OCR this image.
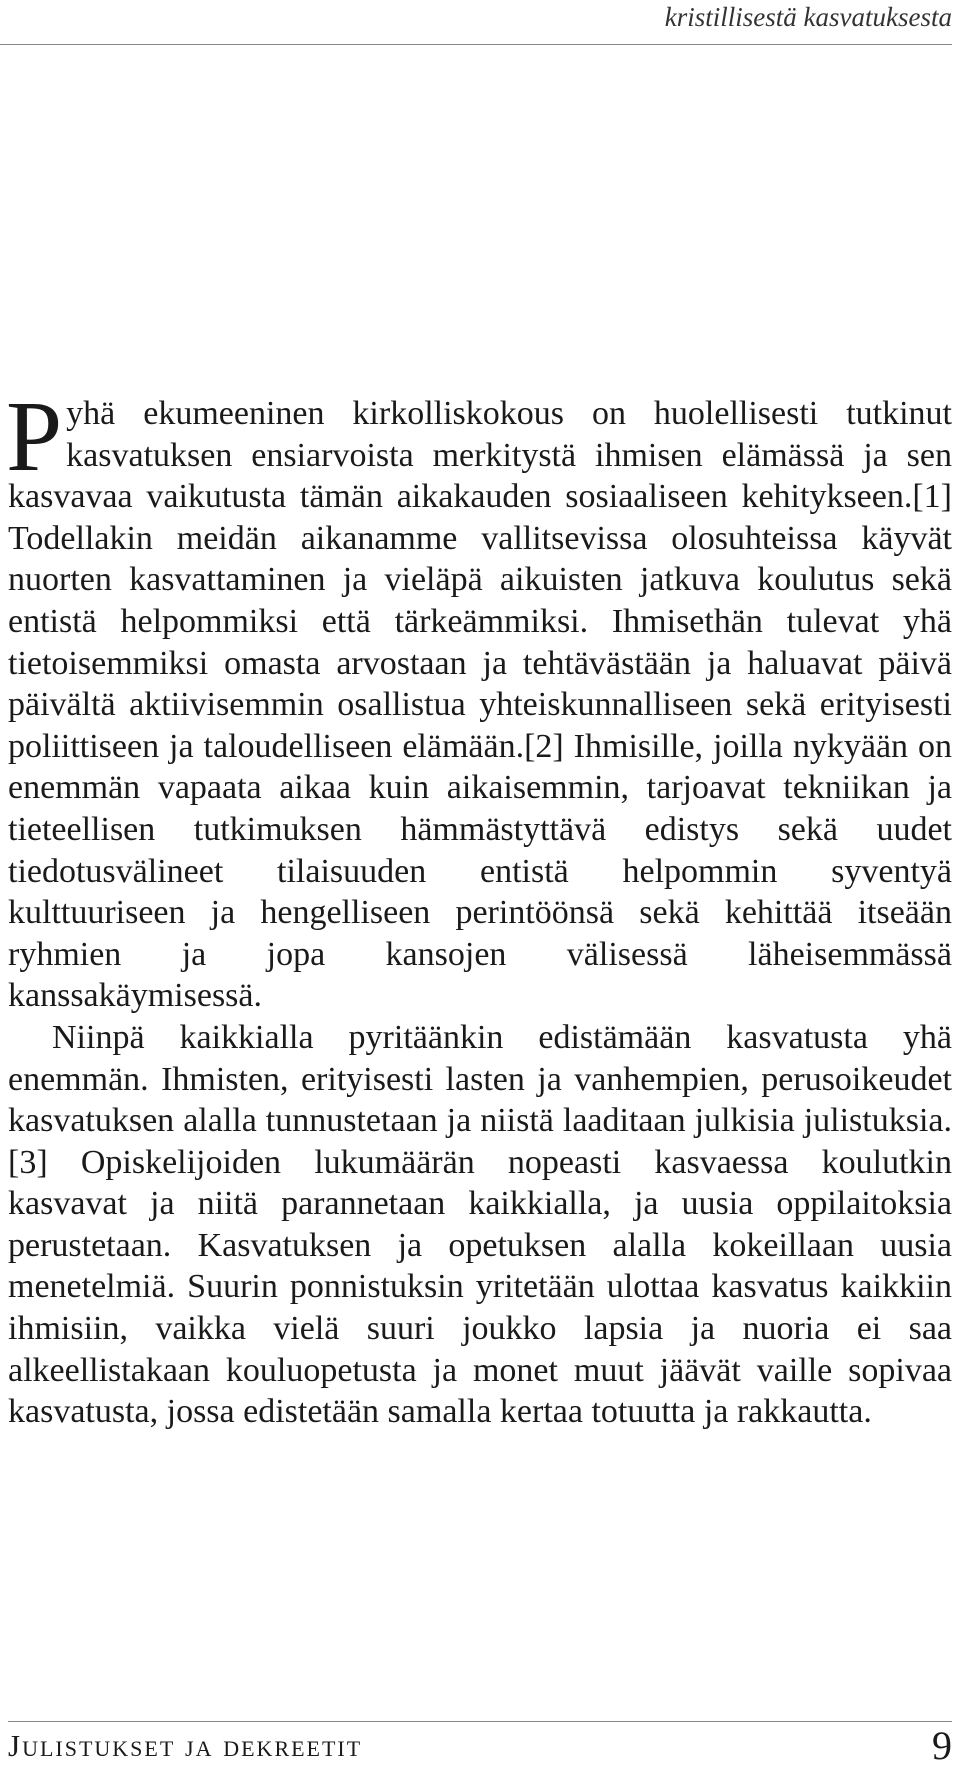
kristillisestä kasvatuksesta

Pyhä ekumeeninen kirkolliskokous on huolellisesti tutkinut kasvatuksen ensiarvoista merkitystä ihmisen elämässä ja sen kasvavaa vaikutusta tämän aikakauden sosiaaliseen kehitykseen.[1] Todellakin meidän aikanamme vallitsevissa olosuhteissa käyvät nuorten kasvattaminen ja vieläpä aikuisten jatkuva koulutus sekä entistä helpommiksi että tärkeämmiksi. Ihmisethän tulevat yhä tietoisemmiksi omasta arvostaan ja tehtävästään ja haluavat päivä päivältä aktiivisemmin osallistua yhteiskunnalliseen sekä erityisesti poliittiseen ja taloudelliseen elämään.[2] Ihmisille, joilla nykyään on enemmän vapaata aikaa kuin aikaisemmin, tarjoavat tekniikan ja tieteellisen tutkimuksen hämmästyttävä edistys sekä uudet tiedotusvälineet tilaisuuden entistä helpommin syventyä kulttuuriseen ja hengelliseen perintöönsä sekä kehittää itseään ryhmien ja jopa kansojen välisessä läheisemmässä kanssakäymisessä.

Niinpä kaikkialla pyritäänkin edistämään kasvatusta yhä enemmän. Ihmisten, erityisesti lasten ja vanhempien, perusoikeudet kasvatuksen alalla tunnustetaan ja niistä laaditaan julkisia julistuksia.[3] Opiskelijoiden lukumäärän nopeasti kasvaessa koulutkin kasvavat ja niitä parannetaan kaikkialla, ja uusia oppilaitoksia perustetaan. Kasvatuksen ja opetuksen alalla kokeillaan uusia menetelmiä. Suurin ponnistuksin yritetään ulottaa kasvatus kaikkiin ihmisiin, vaikka vielä suuri joukko lapsia ja nuoria ei saa alkeellistakaan kouluopetusta ja monet muut jäävät vaille sopivaa kasvatusta, jossa edistetään samalla kertaa totuutta ja rakkautta.

Julistukset ja dekreetit	9
